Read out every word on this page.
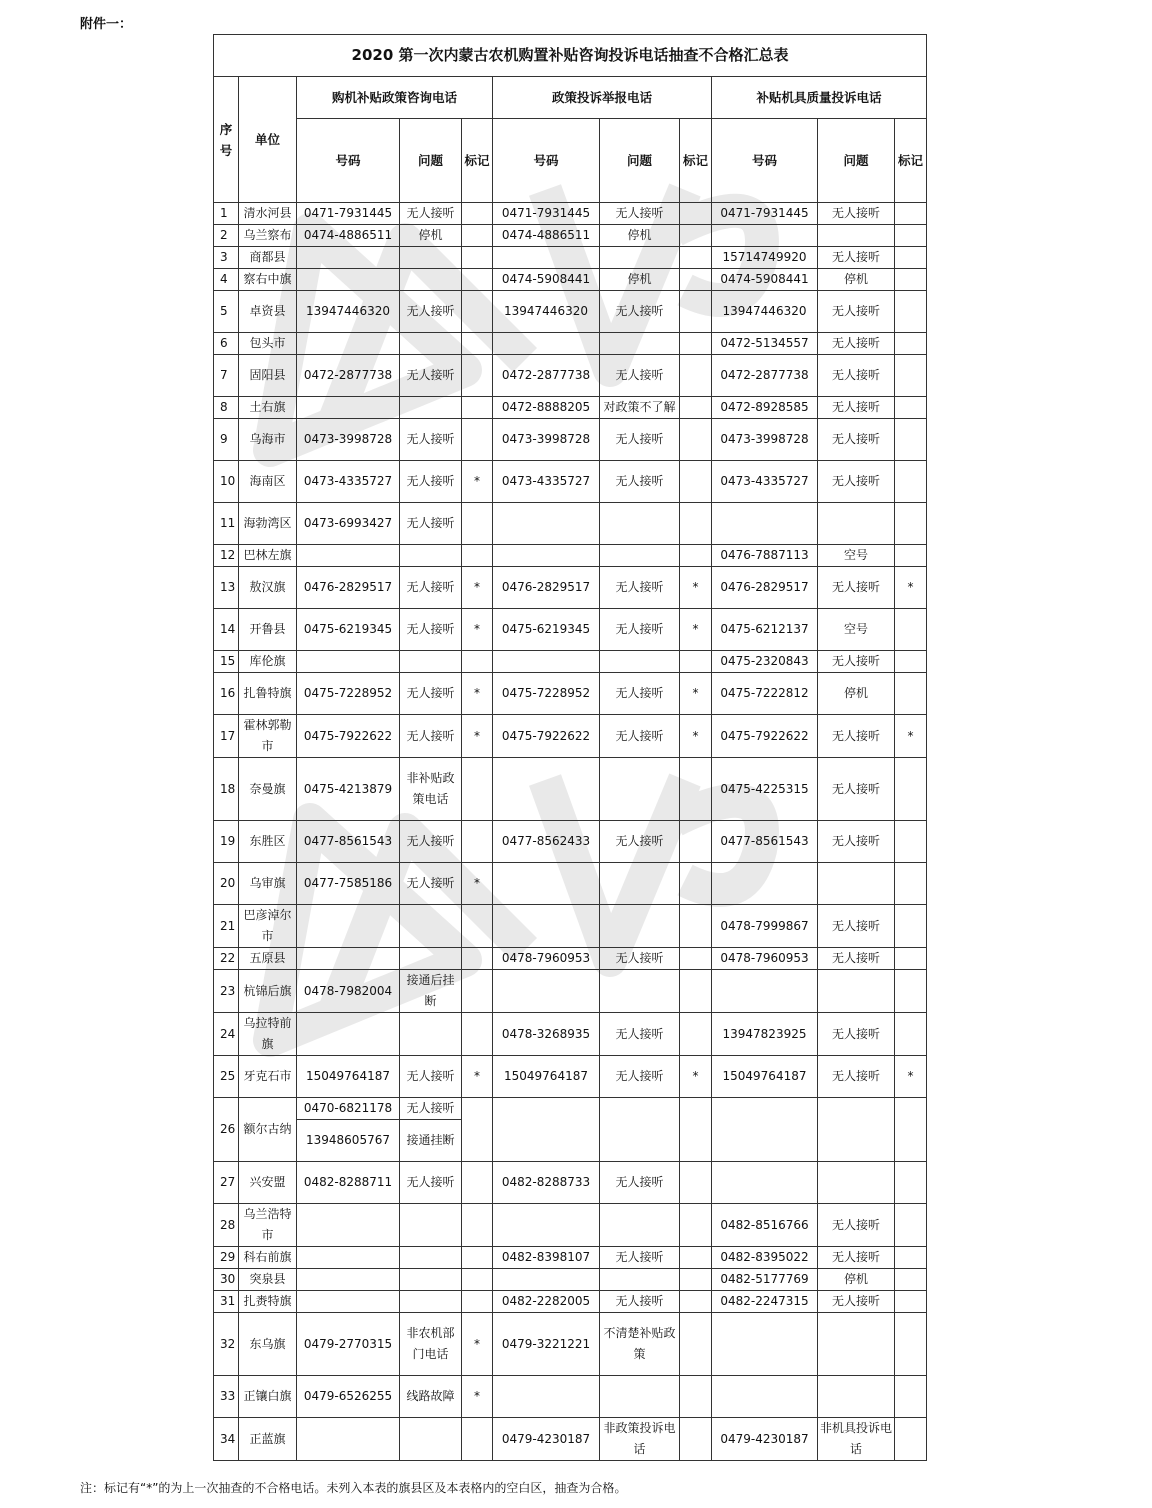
附件一：
2020 第一次内蒙古农机购置补贴咨询投诉电话抽查不合格汇总表										
序号	单位	购机补贴政策咨询电话			政策投诉举报电话			补贴机具质量投诉电话		
		号码	问题	标记	号码	问题	标记	号码	问题	标记
1	清水河县	0471-7931445	无人接听		0471-7931445	无人接听		0471-7931445	无人接听	
2	乌兰察布	0474-4886511	停机		0474-4886511	停机				
3	商都县							15714749920	无人接听	
4	察右中旗				0474-5908441	停机		0474-5908441	停机	
5	卓资县	13947446320	无人接听		13947446320	无人接听		13947446320	无人接听	
6	包头市							0472-5134557	无人接听	
7	固阳县	0472-2877738	无人接听		0472-2877738	无人接听		0472-2877738	无人接听	
8	土右旗				0472-8888205	对政策不了解		0472-8928585	无人接听	
9	乌海市	0473-3998728	无人接听		0473-3998728	无人接听		0473-3998728	无人接听	
10	海南区	0473-4335727	无人接听	*	0473-4335727	无人接听		0473-4335727	无人接听	
11	海勃湾区	0473-6993427	无人接听							
12	巴林左旗							0476-7887113	空号	
13	敖汉旗	0476-2829517	无人接听	*	0476-2829517	无人接听	*	0476-2829517	无人接听	*
14	开鲁县	0475-6219345	无人接听	*	0475-6219345	无人接听	*	0475-6212137	空号	
15	库伦旗							0475-2320843	无人接听	
16	扎鲁特旗	0475-7228952	无人接听	*	0475-7228952	无人接听	*	0475-7222812	停机	
17	霍林郭勒市	0475-7922622	无人接听	*	0475-7922622	无人接听	*	0475-7922622	无人接听	*
18	奈曼旗	0475-4213879	非补贴政策电话					0475-4225315	无人接听	
19	东胜区	0477-8561543	无人接听		0477-8562433	无人接听		0477-8561543	无人接听	
20	乌审旗	0477-7585186	无人接听	*						
21	巴彦淖尔市							0478-7999867	无人接听	
22	五原县				0478-7960953	无人接听		0478-7960953	无人接听	
23	杭锦后旗	0478-7982004	接通后挂断							
24	乌拉特前旗				0478-3268935	无人接听		13947823925	无人接听	
25	牙克石市	15049764187	无人接听	*	15049764187	无人接听	*	15049764187	无人接听	*
26	额尔古纳	0470-6821178	无人接听							
		13948605767	接通挂断							
27	兴安盟	0482-8288711	无人接听		0482-8288733	无人接听				
28	乌兰浩特市							0482-8516766	无人接听	
29	科右前旗				0482-8398107	无人接听		0482-8395022	无人接听	
30	突泉县							0482-5177769	停机	
31	扎赉特旗				0482-2282005	无人接听		0482-2247315	无人接听	
32	东乌旗	0479-2770315	非农机部门电话	*	0479-3221221	不清楚补贴政策				
33	正镶白旗	0479-6526255	线路故障	*						
34	正蓝旗				0479-4230187	非政策投诉电话		0479-4230187	非机具投诉电话	
注：标记有“*”的为上一次抽查的不合格电话。未列入本表的旗县区及本表格内的空白区，抽查为合格。
